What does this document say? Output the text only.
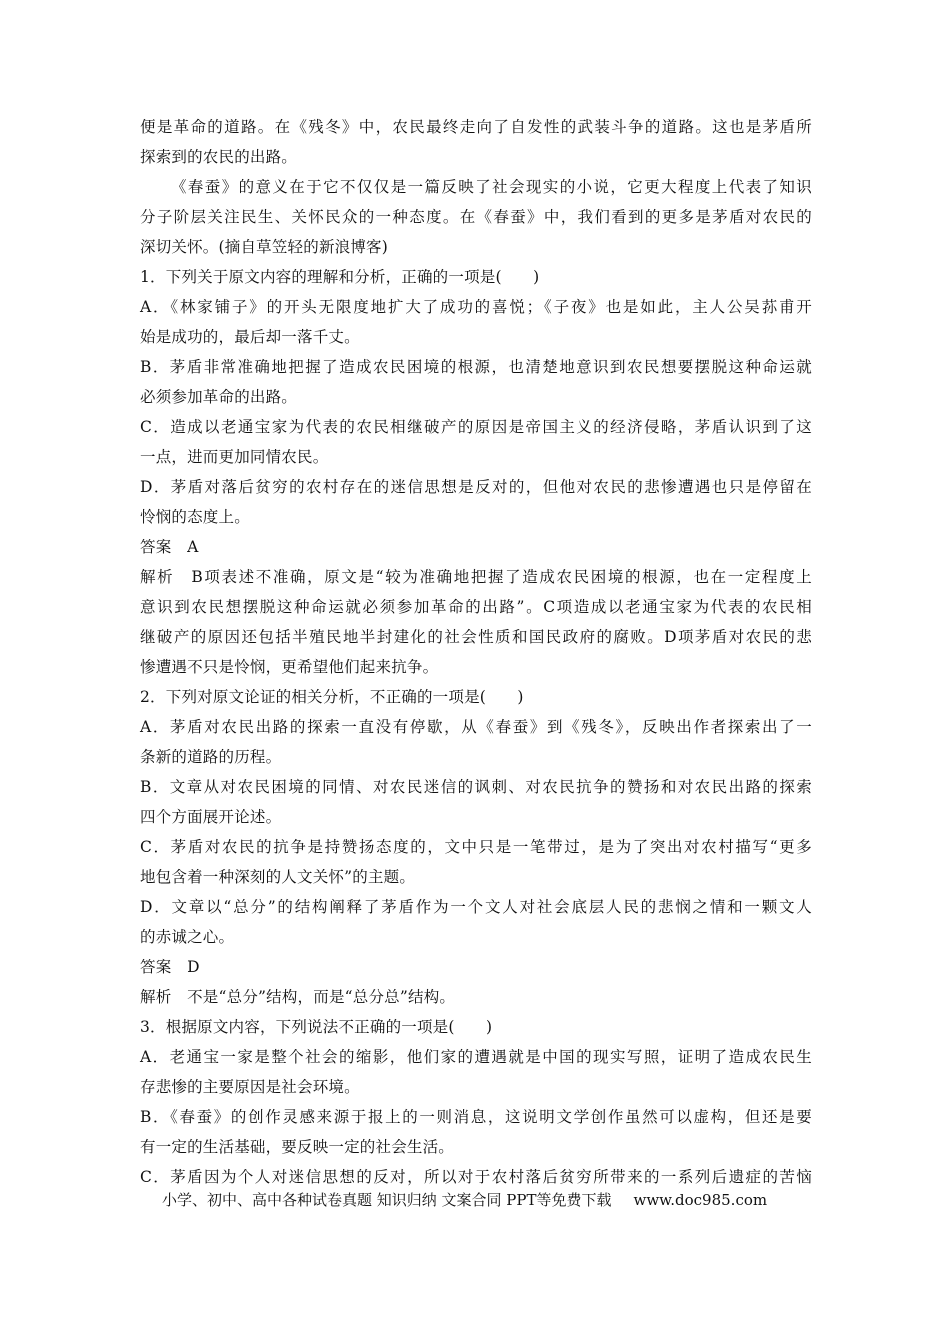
便是革命的道路。在《残冬》中，农民最终走向了自发性的武装斗争的道路。这也是茅盾所
探索到的农民的出路。
《春蚕》的意义在于它不仅仅是一篇反映了社会现实的小说，它更大程度上代表了知识
分子阶层关注民生、关怀民众的一种态度。在《春蚕》中，我们看到的更多是茅盾对农民的
深切关怀。(摘自草笠轻的新浪博客)
1．下列关于原文内容的理解和分析，正确的一项是(　　)
A．《林家铺子》的开头无限度地扩大了成功的喜悦；《子夜》也是如此，主人公吴荪甫开
始是成功的，最后却一落千丈。
B．茅盾非常准确地把握了造成农民困境的根源，也清楚地意识到农民想要摆脱这种命运就
必须参加革命的出路。
C．造成以老通宝家为代表的农民相继破产的原因是帝国主义的经济侵略，茅盾认识到了这
一点，进而更加同情农民。
D．茅盾对落后贫穷的农村存在的迷信思想是反对的，但他对农民的悲惨遭遇也只是停留在
怜悯的态度上。
答案　A
解析　B项表述不准确，原文是“较为准确地把握了造成农民困境的根源，也在一定程度上
意识到农民想摆脱这种命运就必须参加革命的出路”。C项造成以老通宝家为代表的农民相
继破产的原因还包括半殖民地半封建化的社会性质和国民政府的腐败。D项茅盾对农民的悲
惨遭遇不只是怜悯，更希望他们起来抗争。
2．下列对原文论证的相关分析，不正确的一项是(　　)
A．茅盾对农民出路的探索一直没有停歇，从《春蚕》到《残冬》，反映出作者探索出了一
条新的道路的历程。
B．文章从对农民困境的同情、对农民迷信的讽刺、对农民抗争的赞扬和对农民出路的探索
四个方面展开论述。
C．茅盾对农民的抗争是持赞扬态度的，文中只是一笔带过，是为了突出对农村描写“更多
地包含着一种深刻的人文关怀”的主题。
D．文章以“总分”的结构阐释了茅盾作为一个文人对社会底层人民的悲悯之情和一颗文人
的赤诚之心。
答案　D
解析　不是“总分”结构，而是“总分总”结构。
3．根据原文内容，下列说法不正确的一项是(　　)
A．老通宝一家是整个社会的缩影，他们家的遭遇就是中国的现实写照，证明了造成农民生
存悲惨的主要原因是社会环境。
B．《春蚕》的创作灵感来源于报上的一则消息，这说明文学创作虽然可以虚构，但还是要
有一定的生活基础，要反映一定的社会生活。
C．茅盾因为个人对迷信思想的反对，所以对于农村落后贫穷所带来的一系列后遗症的苦恼
小学、初中、高中各种试卷真题 知识归纳 文案合同 PPT等免费下载 www.doc985.com
